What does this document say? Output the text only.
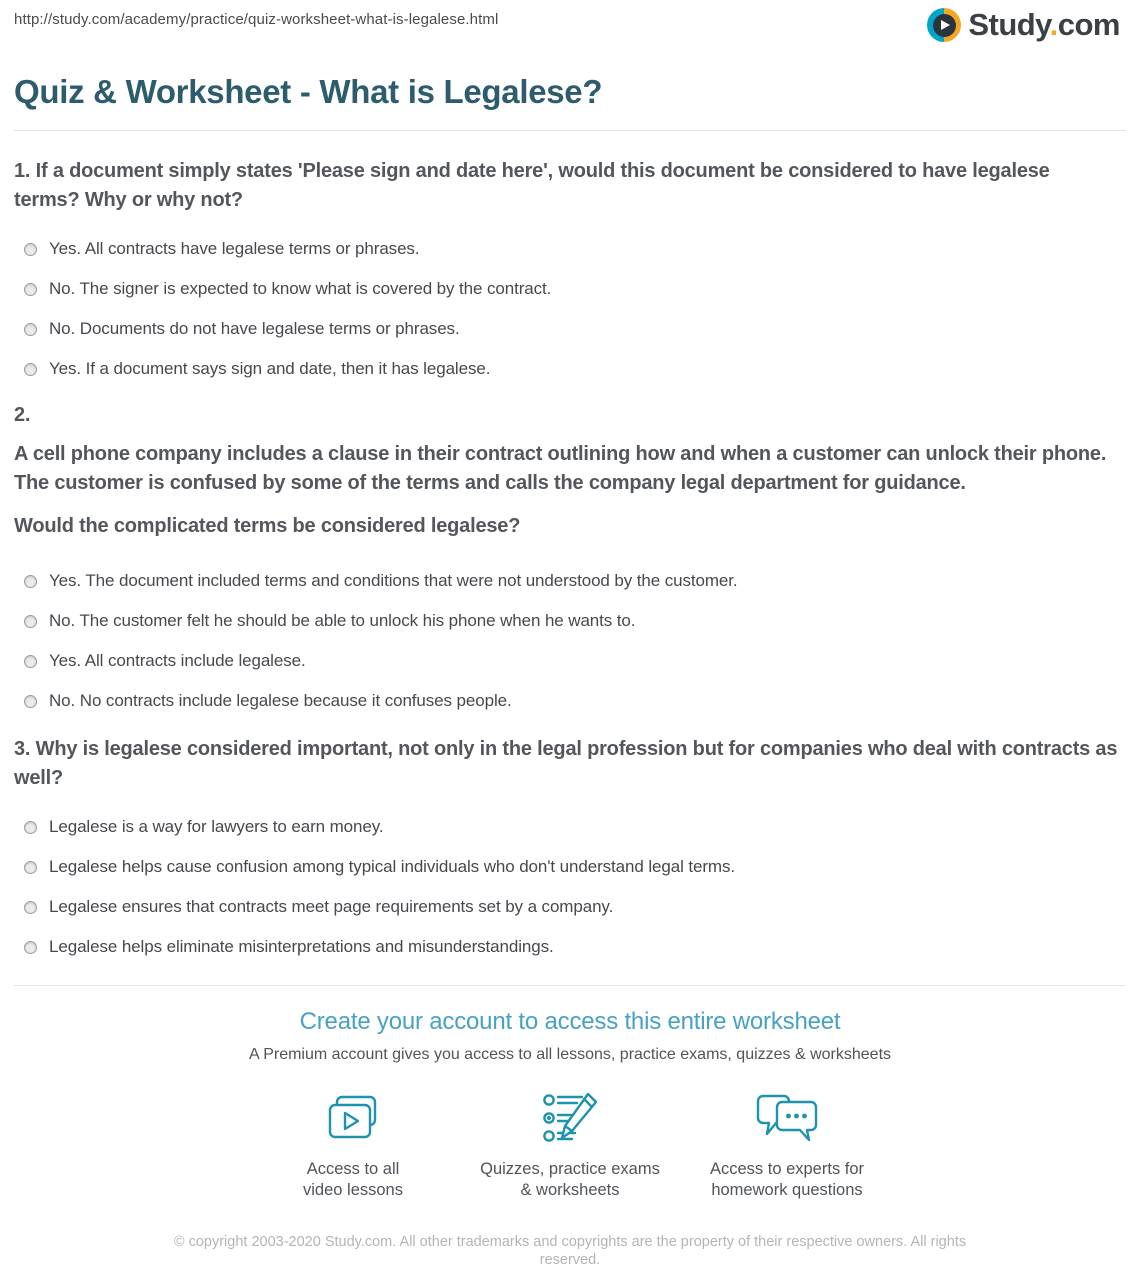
http://study.com/academy/practice/quiz-worksheet-what-is-legalese.html	Study.com
Quiz & Worksheet - What is Legalese?

1. If a document simply states 'Please sign and date here', would this document be considered to have legalese terms? Why or why not?

Yes. All contracts have legalese terms or phrases.
No. The signer is expected to know what is covered by the contract.
No. Documents do not have legalese terms or phrases.
Yes. If a document says sign and date, then it has legalese.

2.

A cell phone company includes a clause in their contract outlining how and when a customer can unlock their phone. The customer is confused by some of the terms and calls the company legal department for guidance.

Would the complicated terms be considered legalese?

Yes. The document included terms and conditions that were not understood by the customer.
No. The customer felt he should be able to unlock his phone when he wants to.
Yes. All contracts include legalese.
No. No contracts include legalese because it confuses people.

3. Why is legalese considered important, not only in the legal profession but for companies who deal with contracts as well?

Legalese is a way for lawyers to earn money.
Legalese helps cause confusion among typical individuals who don't understand legal terms.
Legalese ensures that contracts meet page requirements set by a company.
Legalese helps eliminate misinterpretations and misunderstandings.
Create your account to access this entire worksheet

A Premium account gives you access to all lessons, practice exams, quizzes & worksheets

Access to all
video lessons
Quizzes, practice exams
& worksheets
Access to experts for
homework questions

© copyright 2003-2020 Study.com. All other trademarks and copyrights are the property of their respective owners. All rights reserved.
